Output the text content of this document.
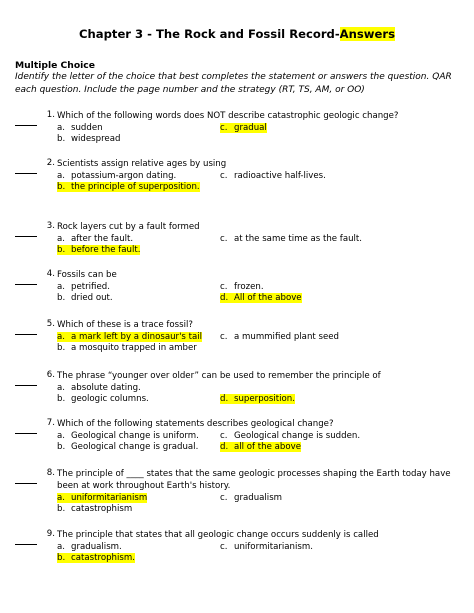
Chapter 3 - The Rock and Fossil Record-Answers
Multiple Choice
Identify the letter of the choice that best completes the statement or answers the question. QAR each question. Include the page number and the strategy (RT, TS, AM, or OO)
1. Which of the following words does NOT describe catastrophic geologic change?
a. sudden
b. widespread
c. gradual
2. Scientists assign relative ages by using
a. potassium-argon dating.
b. the principle of superposition.
c. radioactive half-lives.
3. Rock layers cut by a fault formed
a. after the fault.
b. before the fault.
c. at the same time as the fault.
4. Fossils can be
a. petrified.
b. dried out.
c. frozen.
d. All of the above
5. Which of these is a trace fossil?
a. a mark left by a dinosaur's tail
b. a mosquito trapped in amber
c. a mummified plant seed
6. The phrase “younger over older” can be used to remember the principle of
a. absolute dating.
b. geologic columns.	d. superposition.
7. Which of the following statements describes geological change?
a. Geological change is uniform.
b. Geological change is gradual.
c. Geological change is sudden.
d. all of the above
8. The principle of ____ states that the same geologic processes shaping the Earth today have been at work throughout Earth's history.
a. uniformitarianism
b. catastrophism
c. gradualism
9. The principle that states that all geologic change occurs suddenly is called
a. gradualism.
b. catastrophism.
c. uniformitarianism.
